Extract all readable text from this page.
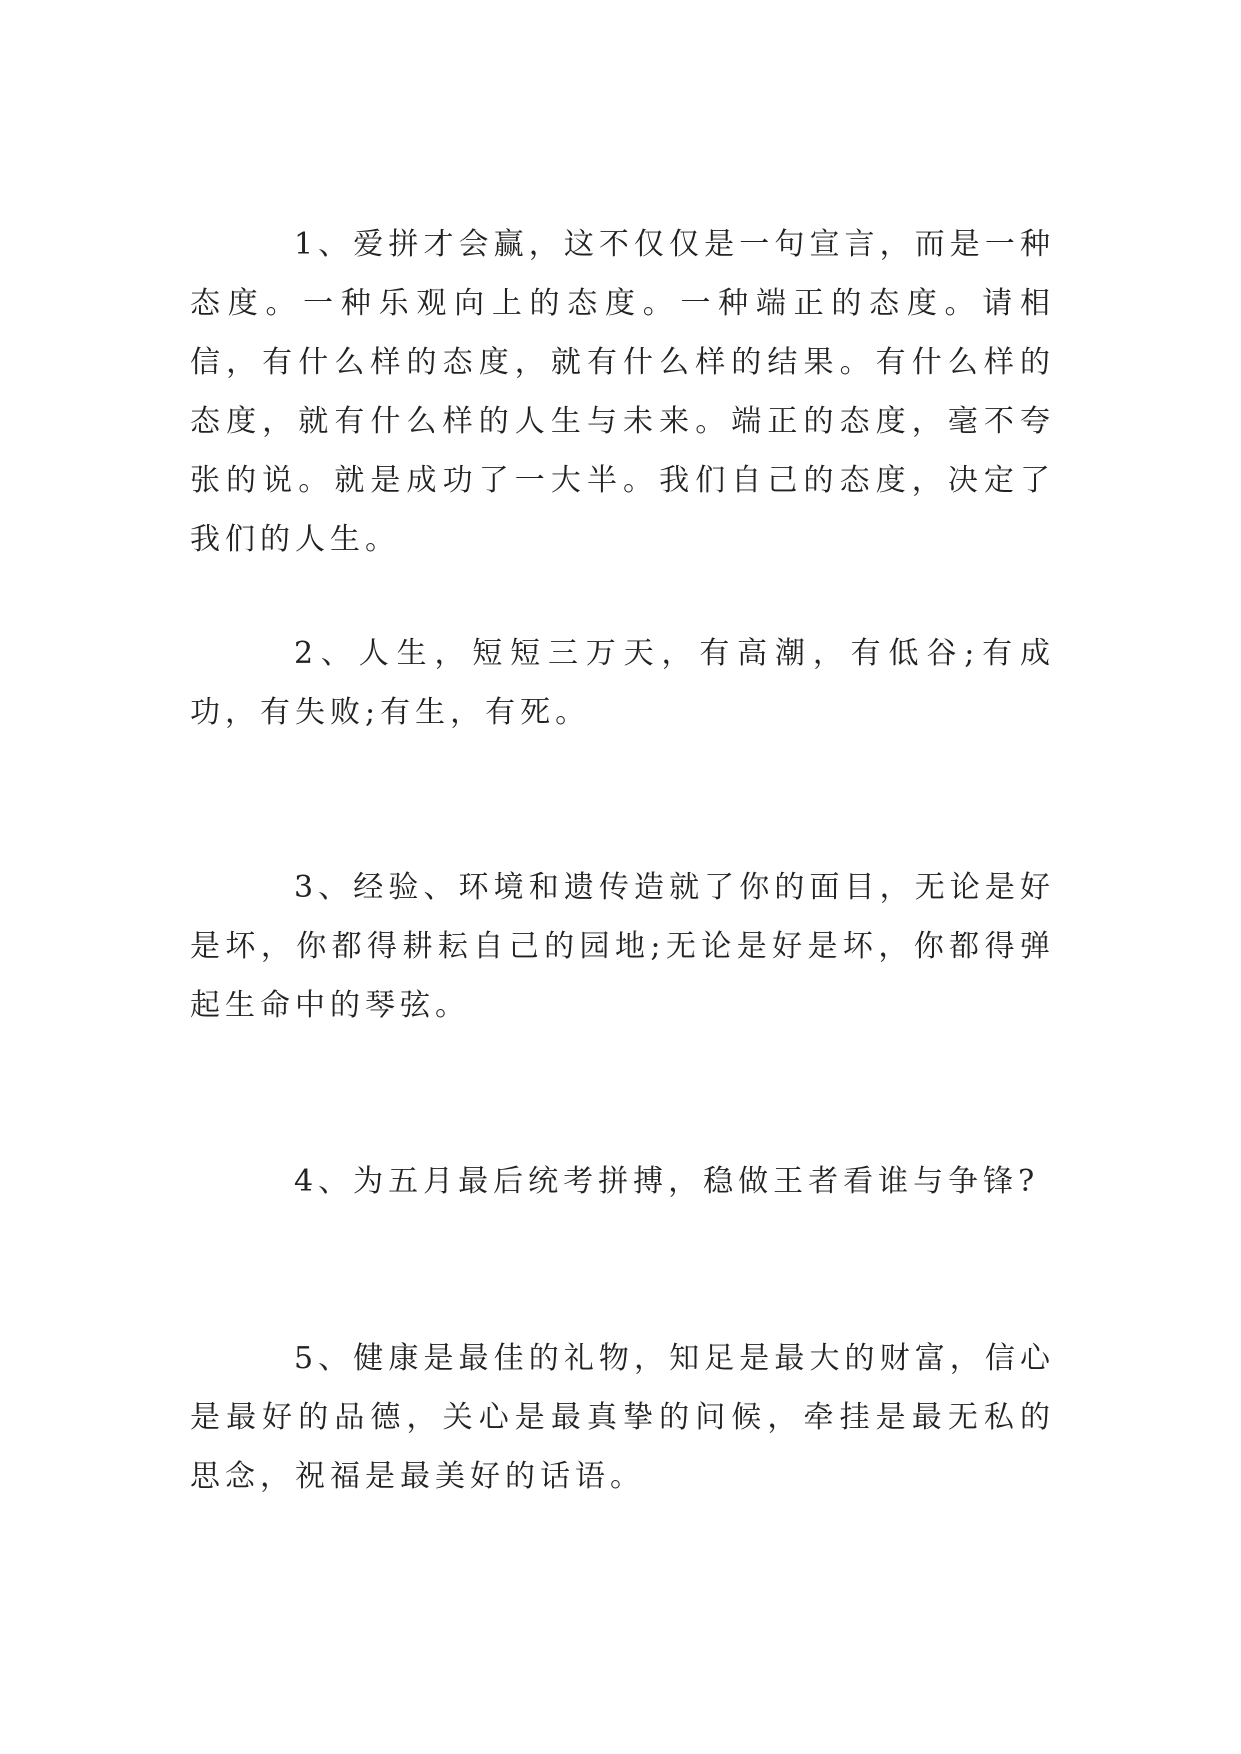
1、爱拼才会赢，这不仅仅是一句宣言，而是一种态度。一种乐观向上的态度。一种端正的态度。请相信，有什么样的态度，就有什么样的结果。有什么样的态度，就有什么样的人生与未来。端正的态度，毫不夸张的说。就是成功了一大半。我们自己的态度，决定了我们的人生。

2、人生，短短三万天，有高潮，有低谷;有成功，有失败;有生，有死。

3、经验、环境和遗传造就了你的面目，无论是好是坏，你都得耕耘自己的园地;无论是好是坏，你都得弹起生命中的琴弦。

4、为五月最后统考拼搏，稳做王者看谁与争锋?

5、健康是最佳的礼物，知足是最大的财富，信心是最好的品德，关心是最真挚的问候，牵挂是最无私的思念，祝福是最美好的话语。
